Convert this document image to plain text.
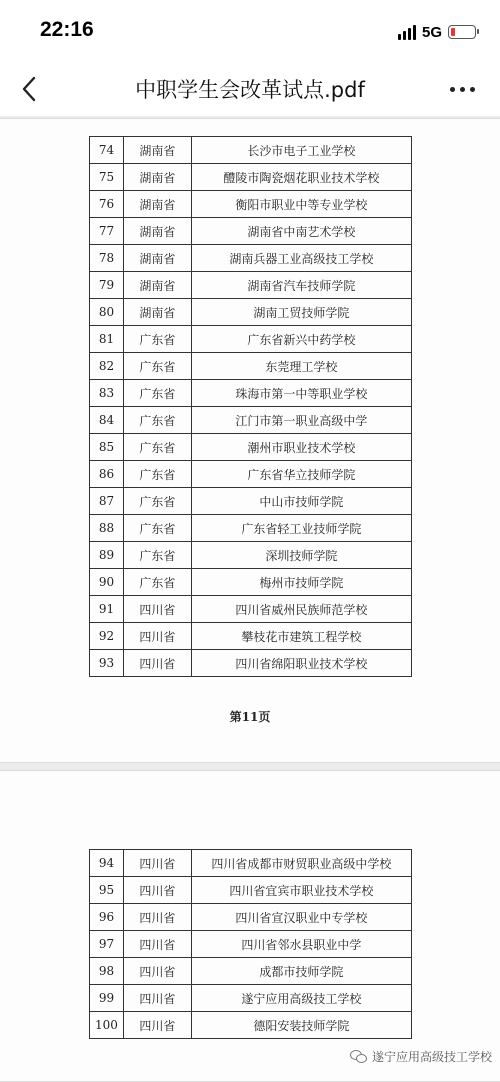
22:16	5G
中职学生会改革试点.pdf
74	湖南省	长沙市电子工业学校
75	湖南省	醴陵市陶瓷烟花职业技术学校
76	湖南省	衡阳市职业中等专业学校
77	湖南省	湖南省中南艺术学校
78	湖南省	湖南兵器工业高级技工学校
79	湖南省	湖南省汽车技师学院
80	湖南省	湖南工贸技师学院
81	广东省	广东省新兴中药学校
82	广东省	东莞理工学校
83	广东省	珠海市第一中等职业学校
84	广东省	江门市第一职业高级中学
85	广东省	潮州市职业技术学校
86	广东省	广东省华立技师学院
87	广东省	中山市技师学院
88	广东省	广东省轻工业技师学院
89	广东省	深圳技师学院
90	广东省	梅州市技师学院
91	四川省	四川省威州民族师范学校
92	四川省	攀枝花市建筑工程学校
93	四川省	四川省绵阳职业技术学校
第11页
94	四川省	四川省成都市财贸职业高级中学校
95	四川省	四川省宜宾市职业技术学校
96	四川省	四川省宣汉职业中专学校
97	四川省	四川省邻水县职业中学
98	四川省	成都市技师学院
99	四川省	遂宁应用高级技工学校
100	四川省	德阳安装技师学院
遂宁应用高级技工学校
